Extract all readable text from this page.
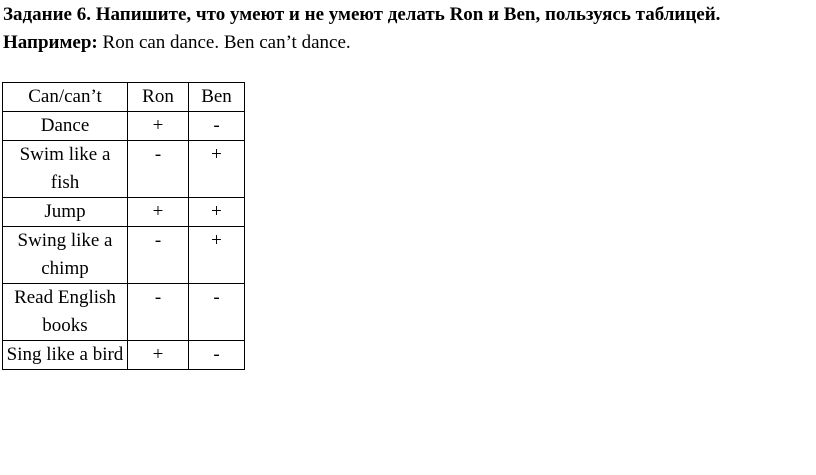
Задание 6. Напишите, что умеют и не умеют делать Ron и Ben, пользуясь таблицей.
Например: Ron can dance. Ben can’t dance.
Can/can’t	Ron	Ben
Dance	+	-
Swim like a fish	-	+
Jump	+	+
Swing like a chimp	-	+
Read English books	-	-
Sing like a bird	+	-
